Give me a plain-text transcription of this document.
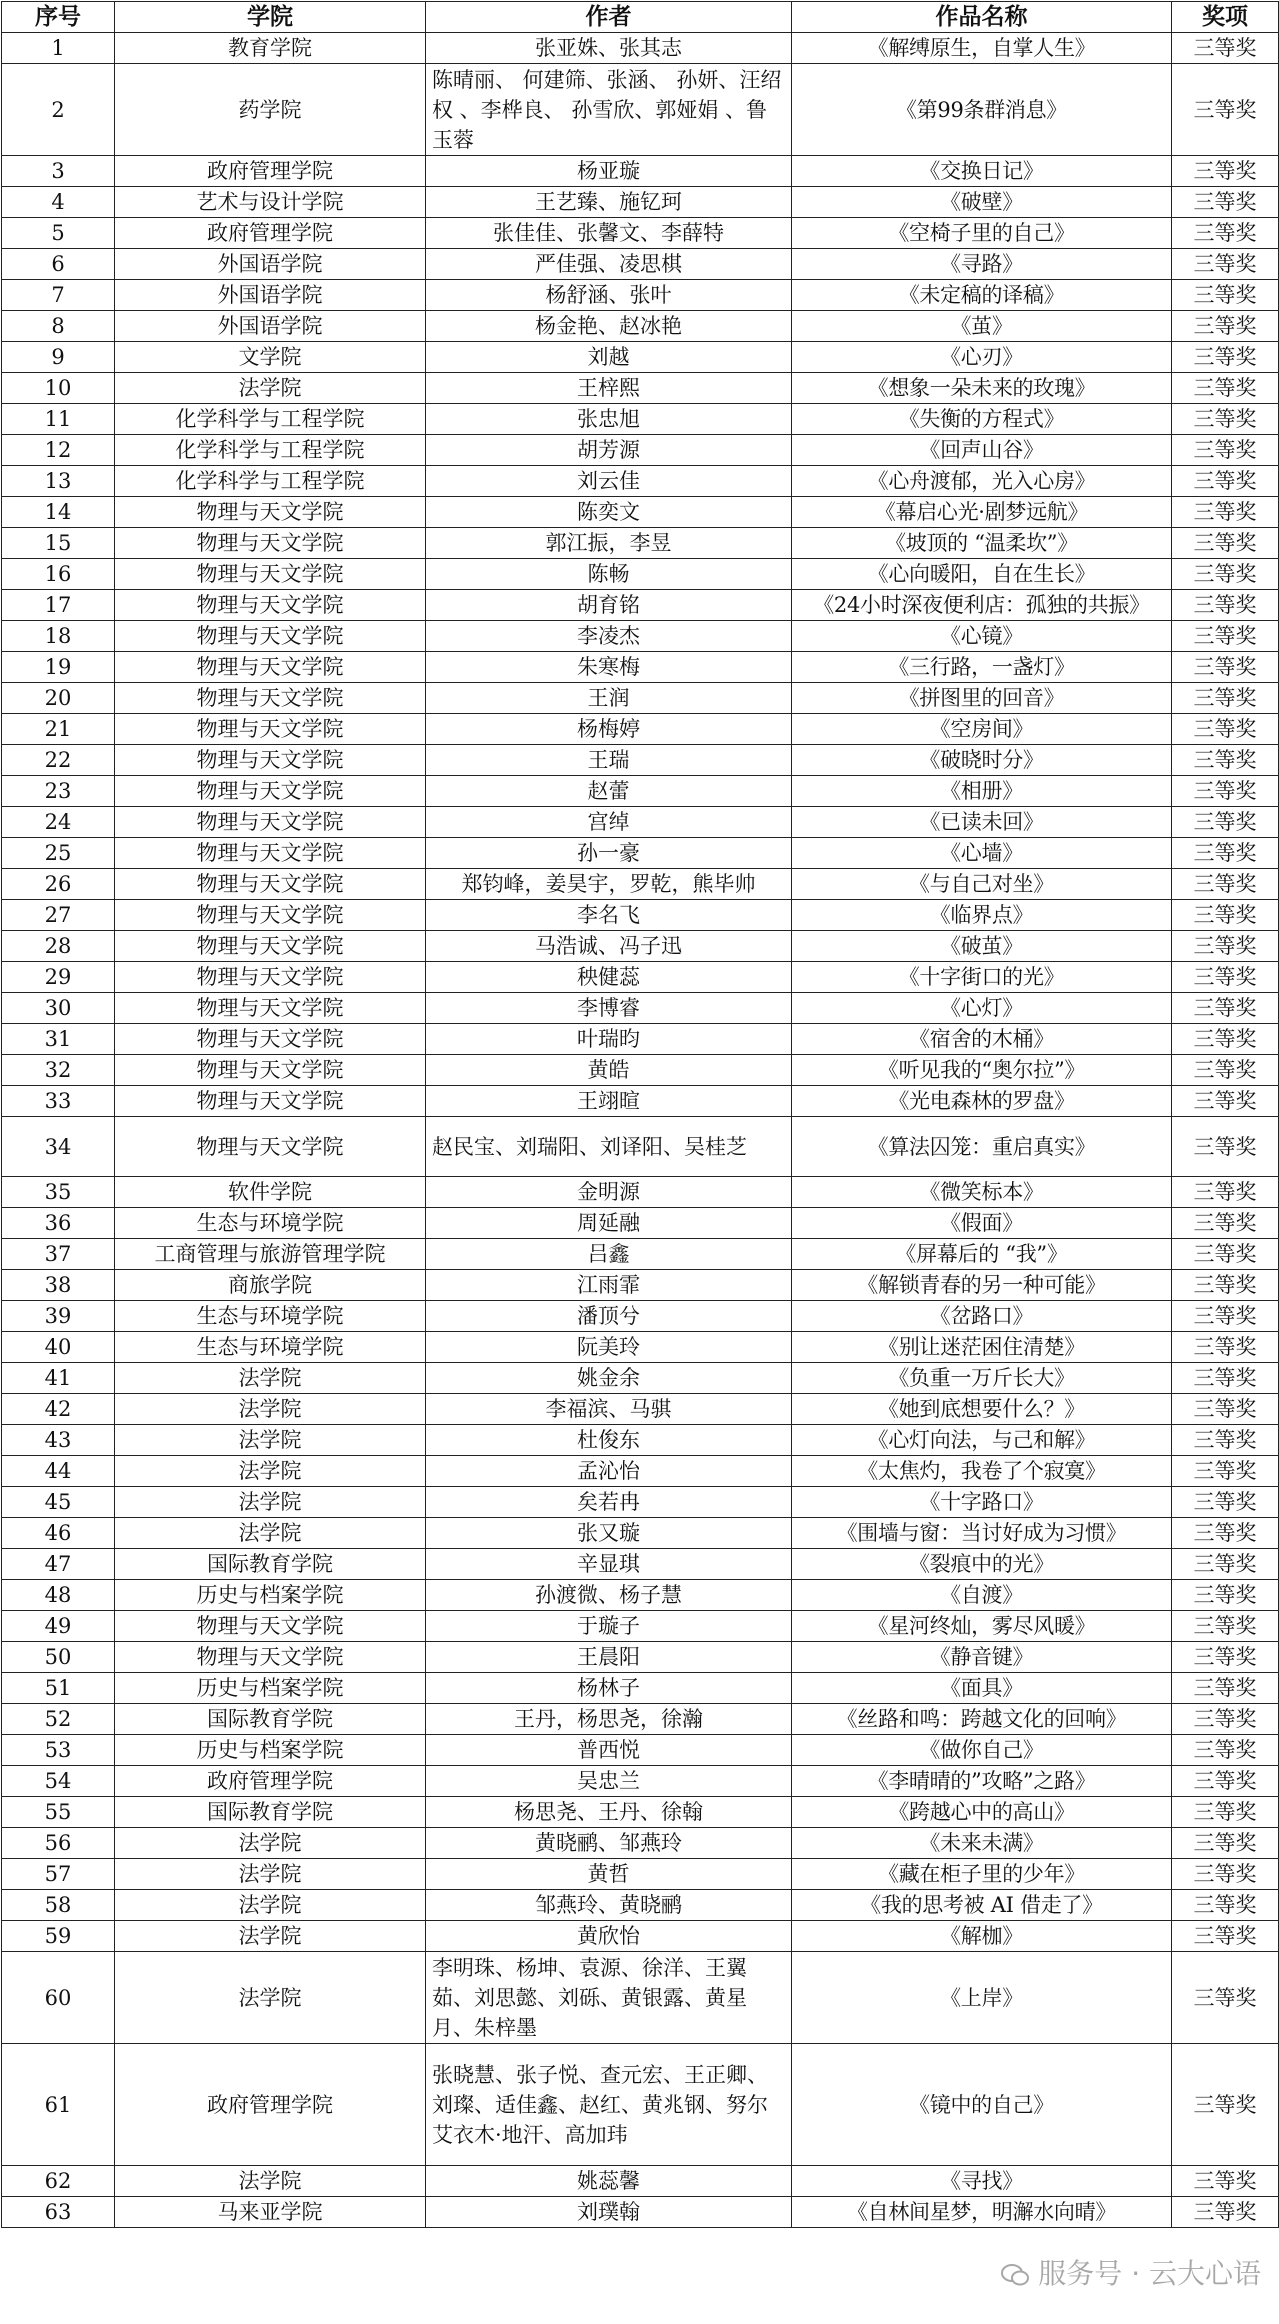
序号	学院	作者	作品名称	奖项
1	教育学院	张亚姝、张其志	《解缚原生，自掌人生》	三等奖
2	药学院	陈晴丽、 何建筛、张涵、 孙妍、汪绍权 、李桦良、 孙雪欣、郭娅娟 、鲁玉蓉	《第99条群消息》	三等奖
3	政府管理学院	杨亚璇	《交换日记》	三等奖
4	艺术与设计学院	王艺臻、施钇珂	《破壁》	三等奖
5	政府管理学院	张佳佳、张馨文、李薛特	《空椅子里的自己》	三等奖
6	外国语学院	严佳强、凌思棋	《寻路》	三等奖
7	外国语学院	杨舒涵、张叶	《未定稿的译稿》	三等奖
8	外国语学院	杨金艳、赵冰艳	《茧》	三等奖
9	文学院	刘越	《心刃》	三等奖
10	法学院	王梓熙	《想象一朵未来的玫瑰》	三等奖
11	化学科学与工程学院	张忠旭	《失衡的方程式》	三等奖
12	化学科学与工程学院	胡芳源	《回声山谷》	三等奖
13	化学科学与工程学院	刘云佳	《心舟渡郁，光入心房》	三等奖
14	物理与天文学院	陈奕文	《幕启心光·剧梦远航》	三等奖
15	物理与天文学院	郭江振，李昱	《坡顶的 “温柔坎”》	三等奖
16	物理与天文学院	陈畅	《心向暖阳，自在生长》	三等奖
17	物理与天文学院	胡育铭	《24小时深夜便利店：孤独的共振》	三等奖
18	物理与天文学院	李凌杰	《心镜》	三等奖
19	物理与天文学院	朱寒梅	《三行路，一盏灯》	三等奖
20	物理与天文学院	王润	《拼图里的回音》	三等奖
21	物理与天文学院	杨梅婷	《空房间》	三等奖
22	物理与天文学院	王瑞	《破晓时分》	三等奖
23	物理与天文学院	赵蕾	《相册》	三等奖
24	物理与天文学院	宫绰	《已读未回》	三等奖
25	物理与天文学院	孙一豪	《心墙》	三等奖
26	物理与天文学院	郑钧峰，姜昊宇，罗乾，熊毕帅	《与自己对坐》	三等奖
27	物理与天文学院	李名飞	《临界点》	三等奖
28	物理与天文学院	马浩诚、冯子迅	《破茧》	三等奖
29	物理与天文学院	秧健蕊	《十字街口的光》	三等奖
30	物理与天文学院	李博睿	《心灯》	三等奖
31	物理与天文学院	叶瑞昀	《宿舍的木桶》	三等奖
32	物理与天文学院	黄皓	《听见我的“奥尔拉”》	三等奖
33	物理与天文学院	王翊暄	《光电森林的罗盘》	三等奖
34	物理与天文学院	赵民宝、刘瑞阳、刘译阳、吴桂芝	《算法囚笼：重启真实》	三等奖
35	软件学院	金明源	《微笑标本》	三等奖
36	生态与环境学院	周延融	《假面》	三等奖
37	工商管理与旅游管理学院	吕鑫	《屏幕后的 “我”》	三等奖
38	商旅学院	江雨霏	《解锁青春的另一种可能》	三等奖
39	生态与环境学院	潘顶兮	《岔路口》	三等奖
40	生态与环境学院	阮美玲	《别让迷茫困住清楚》	三等奖
41	法学院	姚金余	《负重一万斤长大》	三等奖
42	法学院	李福滨、马骐	《她到底想要什么？》	三等奖
43	法学院	杜俊东	《心灯向法，与己和解》	三等奖
44	法学院	孟沁怡	《太焦灼，我卷了个寂寞》	三等奖
45	法学院	矣若冉	《十字路口》	三等奖
46	法学院	张又璇	《围墙与窗：当讨好成为习惯》	三等奖
47	国际教育学院	辛显琪	《裂痕中的光》	三等奖
48	历史与档案学院	孙渡微、杨子慧	《自渡》	三等奖
49	物理与天文学院	于璇子	《星河终灿，雾尽风暖》	三等奖
50	物理与天文学院	王晨阳	《静音键》	三等奖
51	历史与档案学院	杨林子	《面具》	三等奖
52	国际教育学院	王丹，杨思尧，徐瀚	《丝路和鸣：跨越文化的回响》	三等奖
53	历史与档案学院	普西悦	《做你自己》	三等奖
54	政府管理学院	吴忠兰	《李晴晴的”攻略”之路》	三等奖
55	国际教育学院	杨思尧、王丹、徐翰	《跨越心中的高山》	三等奖
56	法学院	黄晓鹂、邹燕玲	《未来未满》	三等奖
57	法学院	黄哲	《藏在柜子里的少年》	三等奖
58	法学院	邹燕玲、黄晓鹂	《我的思考被 AI 借走了》	三等奖
59	法学院	黄欣怡	《解枷》	三等奖
60	法学院	李明珠、杨坤、袁源、徐洋、王翼茹、刘思懿、刘砾、黄银露、黄星月、朱梓墨	《上岸》	三等奖
61	政府管理学院	张晓慧、张子悦、查元宏、王正卿、刘璨、适佳鑫、赵红、黄兆钢、努尔艾衣木·地汗、高加玮	《镜中的自己》	三等奖
62	法学院	姚蕊馨	《寻找》	三等奖
63	马来亚学院	刘璞翰	《自林间星梦，明澥水向晴》	三等奖
服务号 · 云大心语
